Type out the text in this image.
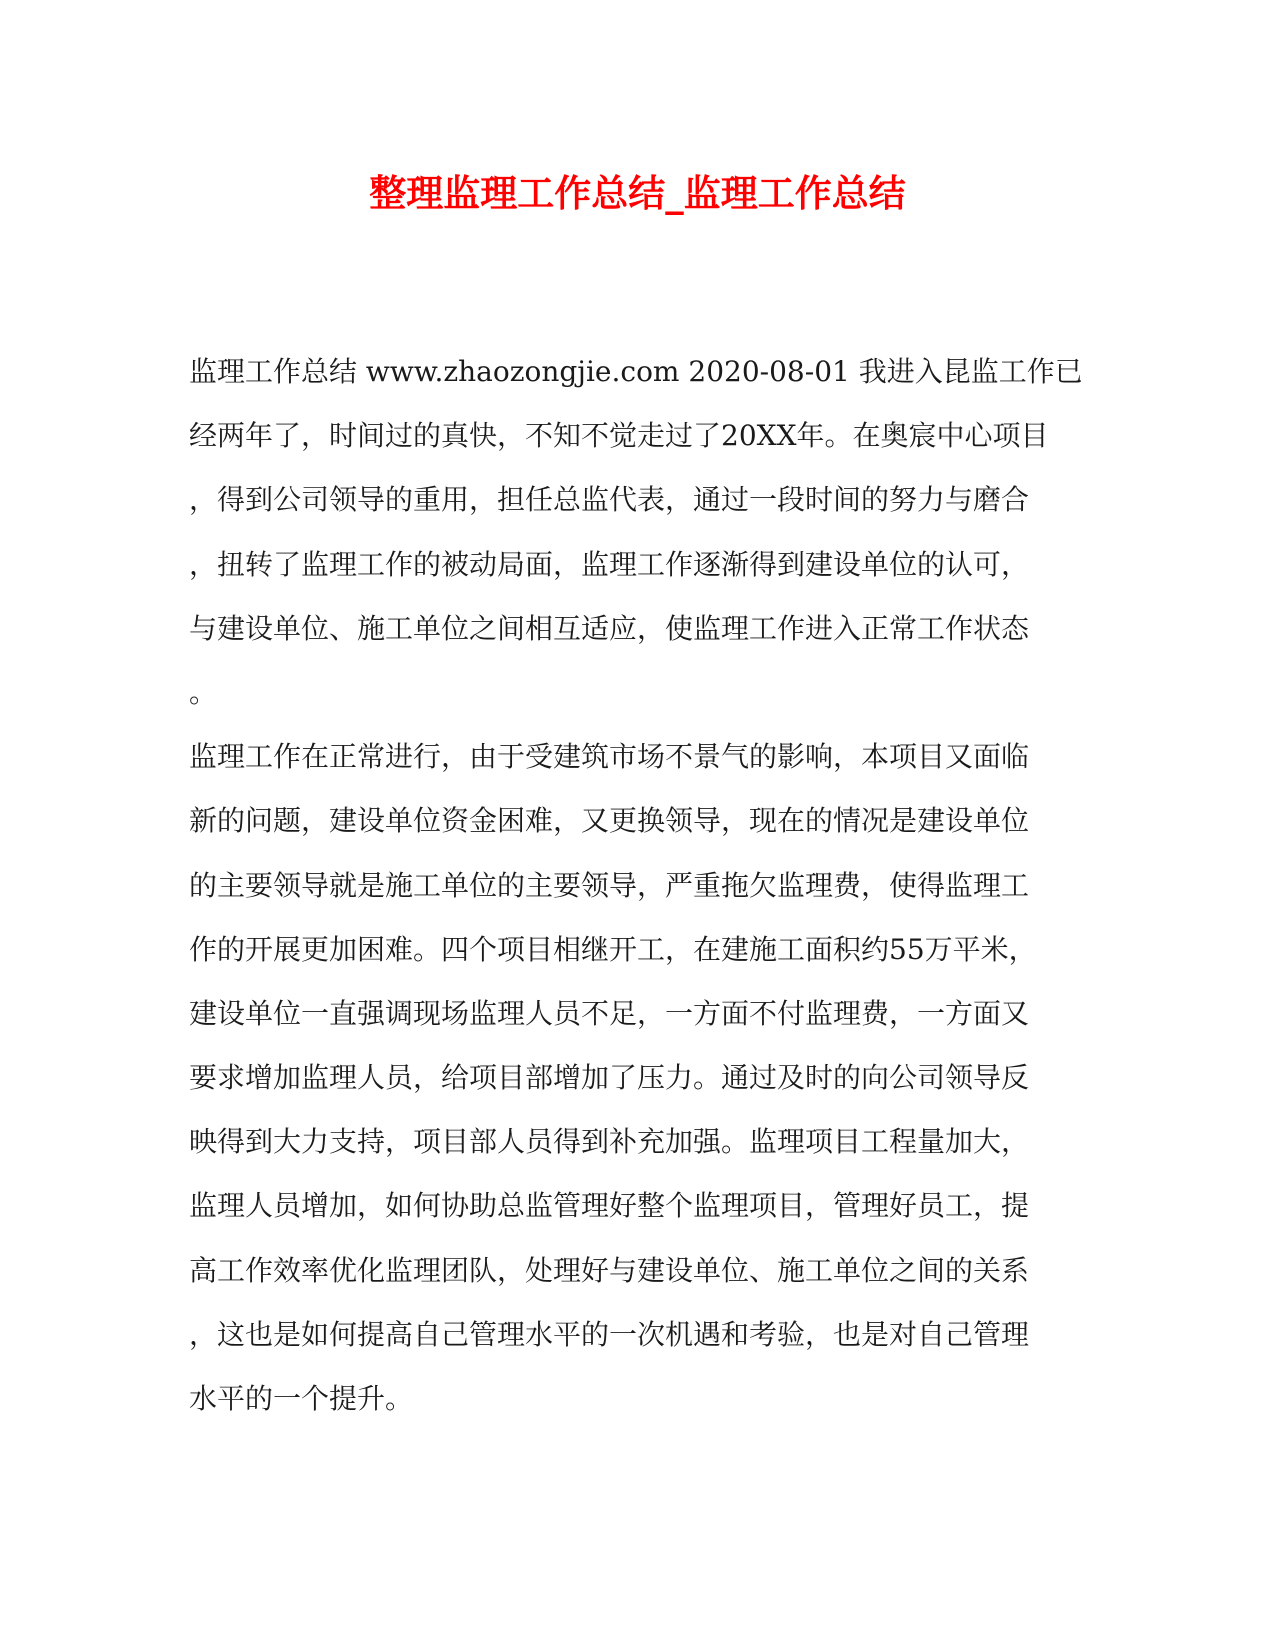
整理监理工作总结_监理工作总结
监理工作总结 www.zhaozongjie.com 2020-08-01 我进入昆监工作已
经两年了，时间过的真快，不知不觉走过了20XX年。在奥宸中心项目
，得到公司领导的重用，担任总监代表，通过一段时间的努力与磨合
，扭转了监理工作的被动局面，监理工作逐渐得到建设单位的认可，
与建设单位、施工单位之间相互适应，使监理工作进入正常工作状态
。
监理工作在正常进行，由于受建筑市场不景气的影响，本项目又面临
新的问题，建设单位资金困难，又更换领导，现在的情况是建设单位
的主要领导就是施工单位的主要领导，严重拖欠监理费，使得监理工
作的开展更加困难。四个项目相继开工，在建施工面积约55万平米，
建设单位一直强调现场监理人员不足，一方面不付监理费，一方面又
要求增加监理人员，给项目部增加了压力。通过及时的向公司领导反
映得到大力支持，项目部人员得到补充加强。监理项目工程量加大，
监理人员增加，如何协助总监管理好整个监理项目，管理好员工，提
高工作效率优化监理团队，处理好与建设单位、施工单位之间的关系
，这也是如何提高自己管理水平的一次机遇和考验，也是对自己管理
水平的一个提升。
